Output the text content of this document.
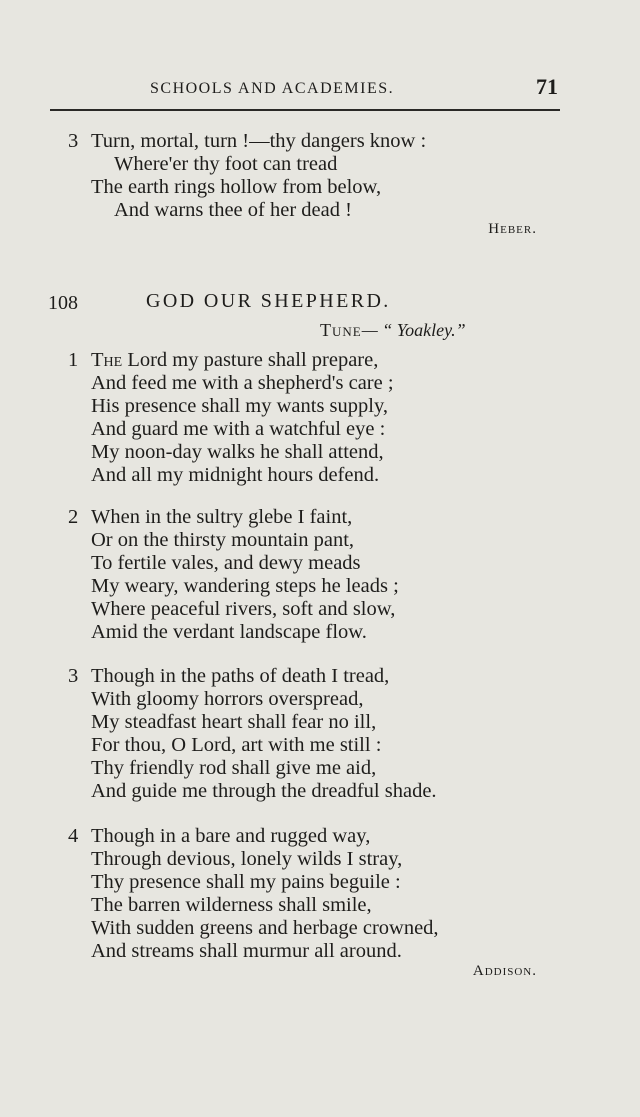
SCHOOLS AND ACADEMIES.	71
3 Turn, mortal, turn !—thy dangers know :
Where'er thy foot can tread
The earth rings hollow from below,
And warns thee of her dead !
Heber.
108	GOD OUR SHEPHERD.
Tune— “ Yoakley.”
1 The Lord my pasture shall prepare,
And feed me with a shepherd's care ;
His presence shall my wants supply,
And guard me with a watchful eye :
My noon-day walks he shall attend,
And all my midnight hours defend.
2 When in the sultry glebe I faint,
Or on the thirsty mountain pant,
To fertile vales, and dewy meads
My weary, wandering steps he leads ;
Where peaceful rivers, soft and slow,
Amid the verdant landscape flow.
3 Though in the paths of death I tread,
With gloomy horrors overspread,
My steadfast heart shall fear no ill,
For thou, O Lord, art with me still :
Thy friendly rod shall give me aid,
And guide me through the dreadful shade.
4 Though in a bare and rugged way,
Through devious, lonely wilds I stray,
Thy presence shall my pains beguile :
The barren wilderness shall smile,
With sudden greens and herbage crowned,
And streams shall murmur all around.
Addison.
